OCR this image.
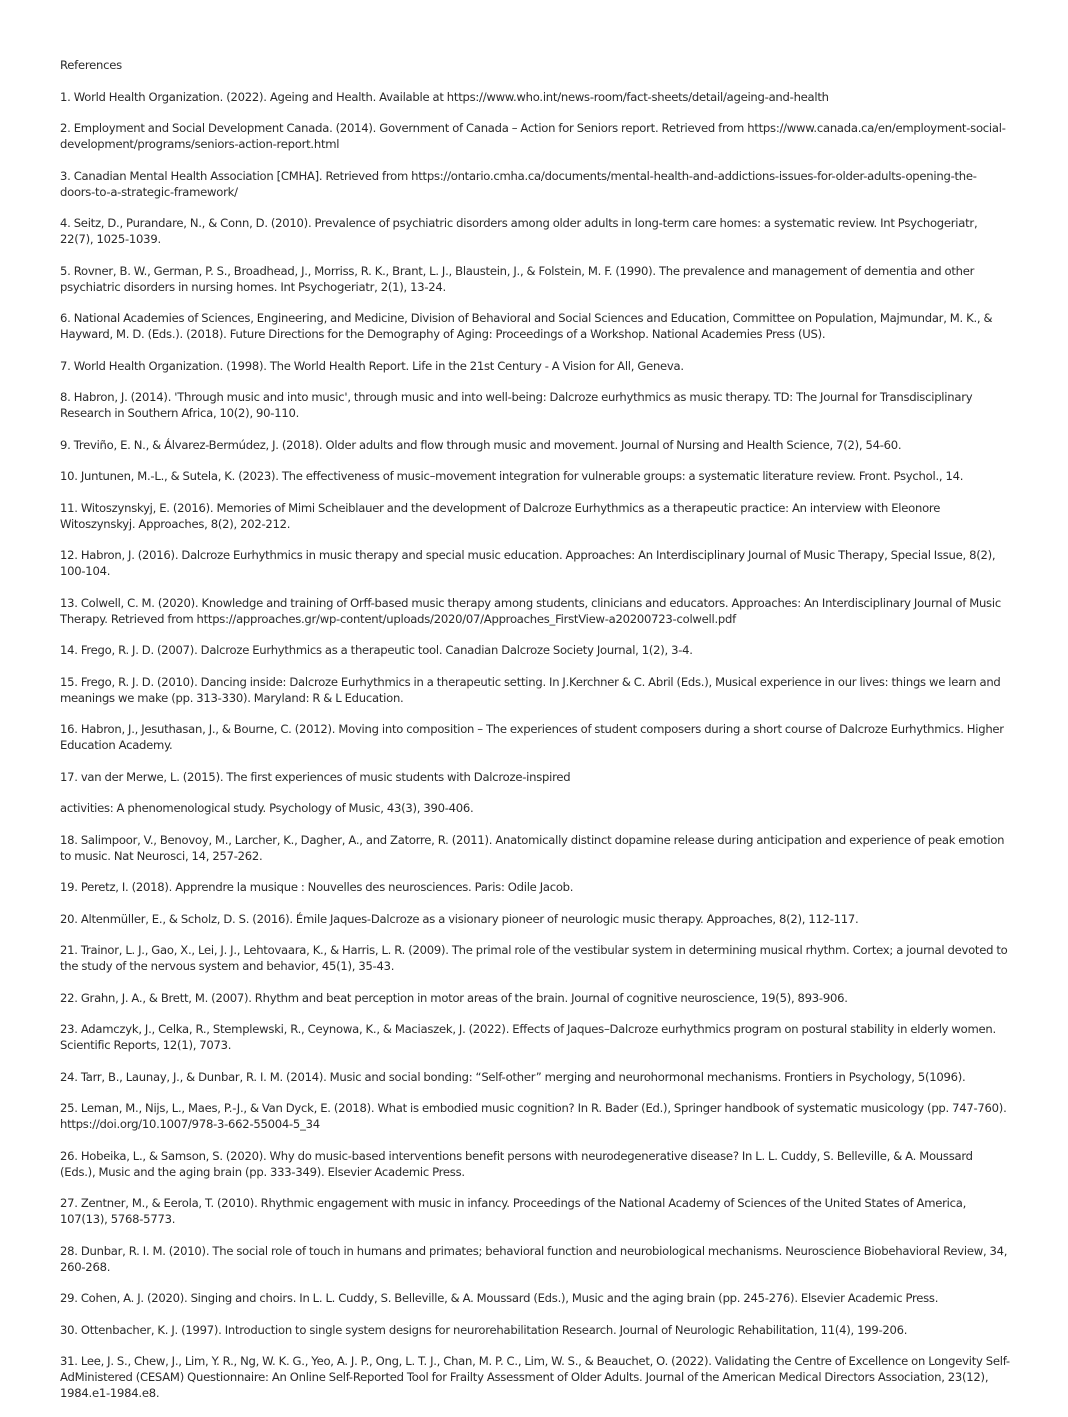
References
1. World Health Organization. (2022). Ageing and Health. Available at https://www.who.int/news-room/fact-sheets/detail/ageing-and-health
2. Employment and Social Development Canada. (2014). Government of Canada – Action for Seniors report. Retrieved from https://www.canada.ca/en/employment-social-development/programs/seniors-action-report.html
3. Canadian Mental Health Association [CMHA]. Retrieved from https://ontario.cmha.ca/documents/mental-health-and-addictions-issues-for-older-adults-opening-the-doors-to-a-strategic-framework/
4. Seitz, D., Purandare, N., & Conn, D. (2010). Prevalence of psychiatric disorders among older adults in long-term care homes: a systematic review. Int Psychogeriatr, 22(7), 1025-1039.
5. Rovner, B. W., German, P. S., Broadhead, J., Morriss, R. K., Brant, L. J., Blaustein, J., & Folstein, M. F. (1990). The prevalence and management of dementia and other psychiatric disorders in nursing homes. Int Psychogeriatr, 2(1), 13-24.
6. National Academies of Sciences, Engineering, and Medicine, Division of Behavioral and Social Sciences and Education, Committee on Population, Majmundar, M. K., & Hayward, M. D. (Eds.). (2018). Future Directions for the Demography of Aging: Proceedings of a Workshop. National Academies Press (US).
7. World Health Organization. (1998). The World Health Report. Life in the 21st Century - A Vision for All, Geneva.
8. Habron, J. (2014). 'Through music and into music', through music and into well-being: Dalcroze eurhythmics as music therapy. TD: The Journal for Transdisciplinary Research in Southern Africa, 10(2), 90-110.
9. Treviño, E. N., & Álvarez-Bermúdez, J. (2018). Older adults and flow through music and movement. Journal of Nursing and Health Science, 7(2), 54-60.
10. Juntunen, M.-L., & Sutela, K. (2023). The effectiveness of music–movement integration for vulnerable groups: a systematic literature review. Front. Psychol., 14.
11. Witoszynskyj, E. (2016). Memories of Mimi Scheiblauer and the development of Dalcroze Eurhythmics as a therapeutic practice: An interview with Eleonore Witoszynskyj. Approaches, 8(2), 202-212.
12. Habron, J. (2016). Dalcroze Eurhythmics in music therapy and special music education. Approaches: An Interdisciplinary Journal of Music Therapy, Special Issue, 8(2), 100-104.
13. Colwell, C. M. (2020). Knowledge and training of Orff-based music therapy among students, clinicians and educators. Approaches: An Interdisciplinary Journal of Music Therapy. Retrieved from https://approaches.gr/wp-content/uploads/2020/07/Approaches_FirstView-a20200723-colwell.pdf
14. Frego, R. J. D. (2007). Dalcroze Eurhythmics as a therapeutic tool. Canadian Dalcroze Society Journal, 1(2), 3-4.
15. Frego, R. J. D. (2010). Dancing inside: Dalcroze Eurhythmics in a therapeutic setting. In J.Kerchner & C. Abril (Eds.), Musical experience in our lives: things we learn and meanings we make (pp. 313-330). Maryland: R & L Education.
16. Habron, J., Jesuthasan, J., & Bourne, C. (2012). Moving into composition – The experiences of student composers during a short course of Dalcroze Eurhythmics. Higher Education Academy.
17. van der Merwe, L. (2015). The first experiences of music students with Dalcroze-inspired
activities: A phenomenological study. Psychology of Music, 43(3), 390-406.
18. Salimpoor, V., Benovoy, M., Larcher, K., Dagher, A., and Zatorre, R. (2011). Anatomically distinct dopamine release during anticipation and experience of peak emotion to music. Nat Neurosci, 14, 257-262.
19. Peretz, I. (2018). Apprendre la musique : Nouvelles des neurosciences. Paris: Odile Jacob.
20. Altenmüller, E., & Scholz, D. S. (2016). Émile Jaques-Dalcroze as a visionary pioneer of neurologic music therapy. Approaches, 8(2), 112-117.
21. Trainor, L. J., Gao, X., Lei, J. J., Lehtovaara, K., & Harris, L. R. (2009). The primal role of the vestibular system in determining musical rhythm. Cortex; a journal devoted to the study of the nervous system and behavior, 45(1), 35-43.
22. Grahn, J. A., & Brett, M. (2007). Rhythm and beat perception in motor areas of the brain. Journal of cognitive neuroscience, 19(5), 893-906.
23. Adamczyk, J., Celka, R., Stemplewski, R., Ceynowa, K., & Maciaszek, J. (2022). Effects of Jaques–Dalcroze eurhythmics program on postural stability in elderly women. Scientific Reports, 12(1), 7073.
24. Tarr, B., Launay, J., & Dunbar, R. I. M. (2014). Music and social bonding: “Self-other” merging and neurohormonal mechanisms. Frontiers in Psychology, 5(1096).
25. Leman, M., Nijs, L., Maes, P.-J., & Van Dyck, E. (2018). What is embodied music cognition? In R. Bader (Ed.), Springer handbook of systematic musicology (pp. 747-760). https://doi.org/10.1007/978-3-662-55004-5_34
26. Hobeika, L., & Samson, S. (2020). Why do music-based interventions benefit persons with neurodegenerative disease? In L. L. Cuddy, S. Belleville, & A. Moussard (Eds.), Music and the aging brain (pp. 333-349). Elsevier Academic Press.
27. Zentner, M., & Eerola, T. (2010). Rhythmic engagement with music in infancy. Proceedings of the National Academy of Sciences of the United States of America, 107(13), 5768-5773.
28. Dunbar, R. I. M. (2010). The social role of touch in humans and primates; behavioral function and neurobiological mechanisms. Neuroscience Biobehavioral Review, 34, 260-268.
29. Cohen, A. J. (2020). Singing and choirs. In L. L. Cuddy, S. Belleville, & A. Moussard (Eds.), Music and the aging brain (pp. 245-276). Elsevier Academic Press.
30. Ottenbacher, K. J. (1997). Introduction to single system designs for neurorehabilitation Research. Journal of Neurologic Rehabilitation, 11(4), 199-206.
31. Lee, J. S., Chew, J., Lim, Y. R., Ng, W. K. G., Yeo, A. J. P., Ong, L. T. J., Chan, M. P. C., Lim, W. S., & Beauchet, O. (2022). Validating the Centre of Excellence on Longevity Self-AdMinistered (CESAM) Questionnaire: An Online Self-Reported Tool for Frailty Assessment of Older Adults. Journal of the American Medical Directors Association, 23(12), 1984.e1-1984.e8.
